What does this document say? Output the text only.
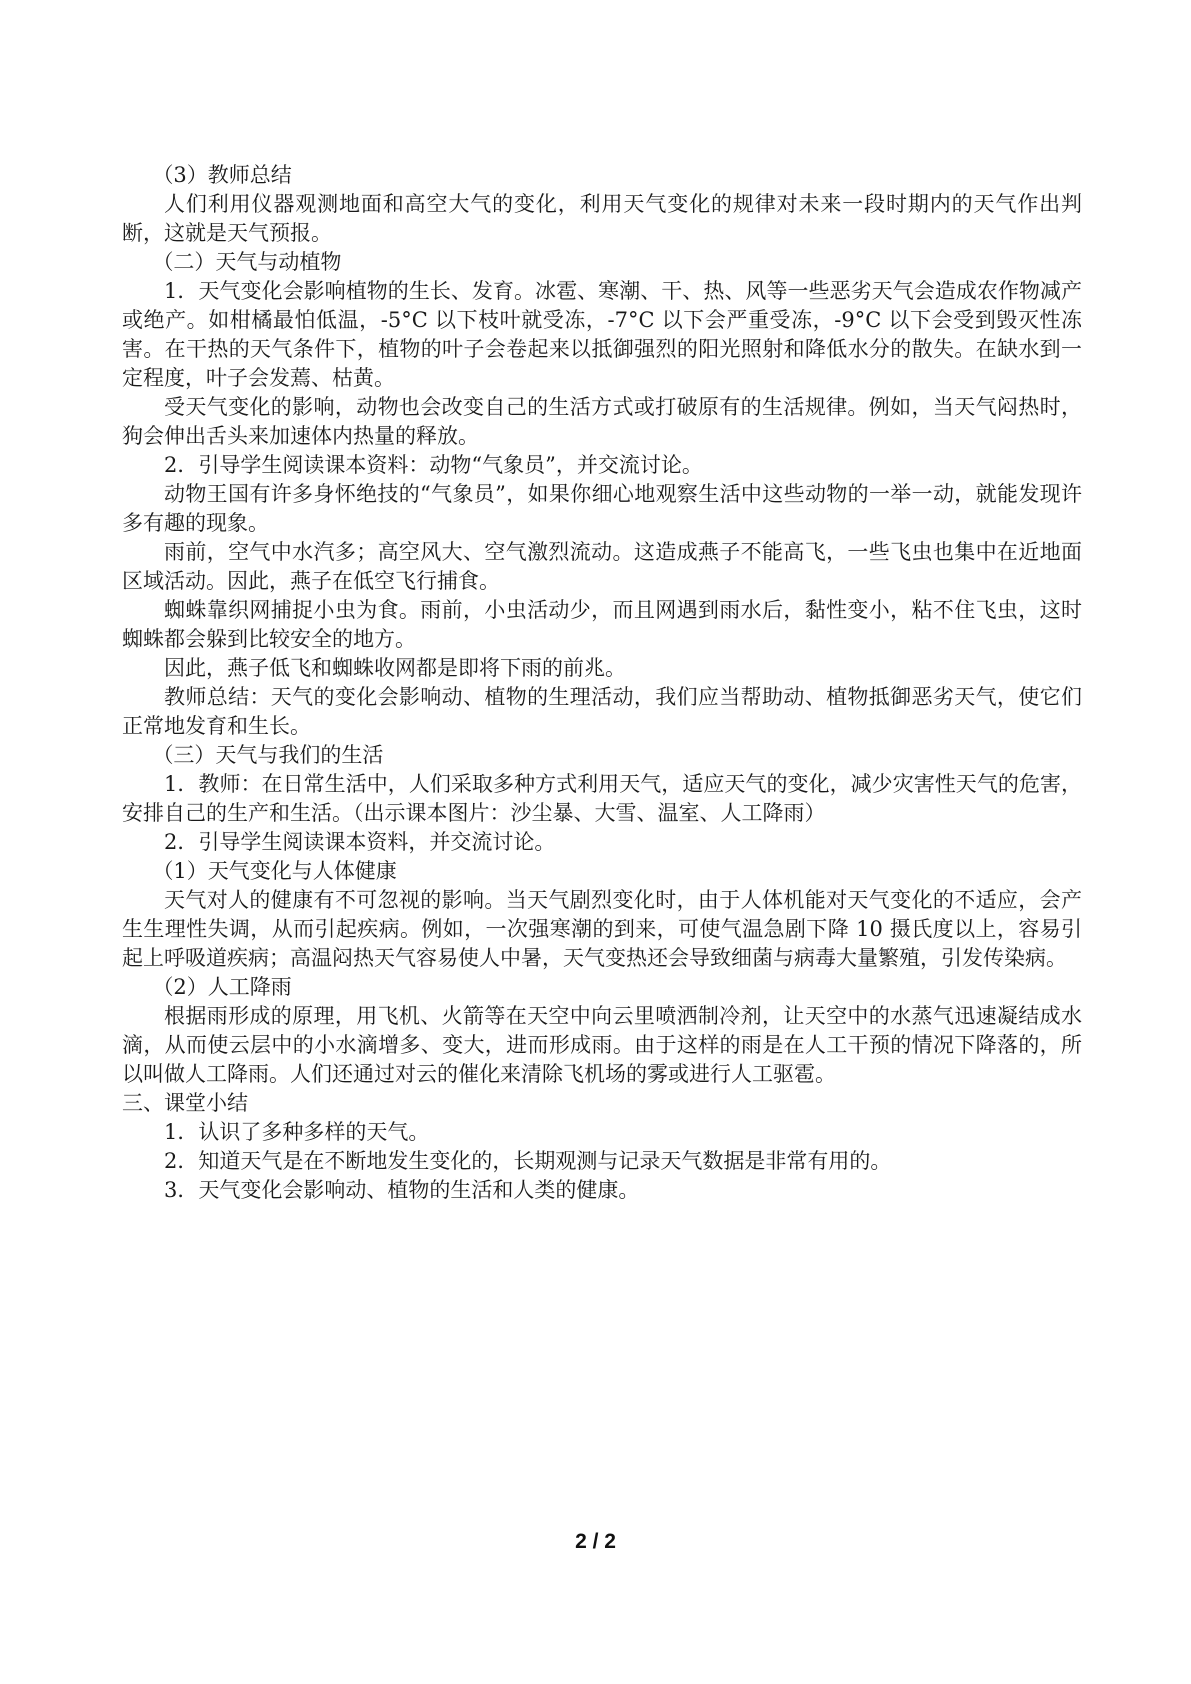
（3）教师总结

人们利用仪器观测地面和高空大气的变化，利用天气变化的规律对未来一段时期内的天气作出判断，这就是天气预报。

（二）天气与动植物

1．天气变化会影响植物的生长、发育。冰雹、寒潮、干、热、风等一些恶劣天气会造成农作物减产或绝产。如柑橘最怕低温，-5°C 以下枝叶就受冻，-7°C 以下会严重受冻，-9°C 以下会受到毁灭性冻害。在干热的天气条件下，植物的叶子会卷起来以抵御强烈的阳光照射和降低水分的散失。在缺水到一定程度，叶子会发蔫、枯黄。

受天气变化的影响，动物也会改变自己的生活方式或打破原有的生活规律。例如，当天气闷热时，狗会伸出舌头来加速体内热量的释放。

2．引导学生阅读课本资料：动物“气象员”，并交流讨论。

动物王国有许多身怀绝技的“气象员”，如果你细心地观察生活中这些动物的一举一动，就能发现许多有趣的现象。

雨前，空气中水汽多；高空风大、空气激烈流动。这造成燕子不能高飞，一些飞虫也集中在近地面区域活动。因此，燕子在低空飞行捕食。

蜘蛛靠织网捕捉小虫为食。雨前，小虫活动少，而且网遇到雨水后，黏性变小，粘不住飞虫，这时蜘蛛都会躲到比较安全的地方。

因此，燕子低飞和蜘蛛收网都是即将下雨的前兆。

教师总结：天气的变化会影响动、植物的生理活动，我们应当帮助动、植物抵御恶劣天气，使它们正常地发育和生长。

（三）天气与我们的生活

1．教师：在日常生活中，人们采取多种方式利用天气，适应天气的变化，减少灾害性天气的危害，安排自己的生产和生活。（出示课本图片：沙尘暴、大雪、温室、人工降雨）

2．引导学生阅读课本资料，并交流讨论。

（1）天气变化与人体健康

天气对人的健康有不可忽视的影响。当天气剧烈变化时，由于人体机能对天气变化的不适应，会产生生理性失调，从而引起疾病。例如，一次强寒潮的到来，可使气温急剧下降 10 摄氏度以上，容易引起上呼吸道疾病；高温闷热天气容易使人中暑，天气变热还会导致细菌与病毒大量繁殖，引发传染病。

（2）人工降雨

根据雨形成的原理，用飞机、火箭等在天空中向云里喷洒制冷剂，让天空中的水蒸气迅速凝结成水滴，从而使云层中的小水滴增多、变大，进而形成雨。由于这样的雨是在人工干预的情况下降落的，所以叫做人工降雨。人们还通过对云的催化来清除飞机场的雾或进行人工驱雹。

三、课堂小结

1．认识了多种多样的天气。

2．知道天气是在不断地发生变化的，长期观测与记录天气数据是非常有用的。

3．天气变化会影响动、植物的生活和人类的健康。

2 / 2
